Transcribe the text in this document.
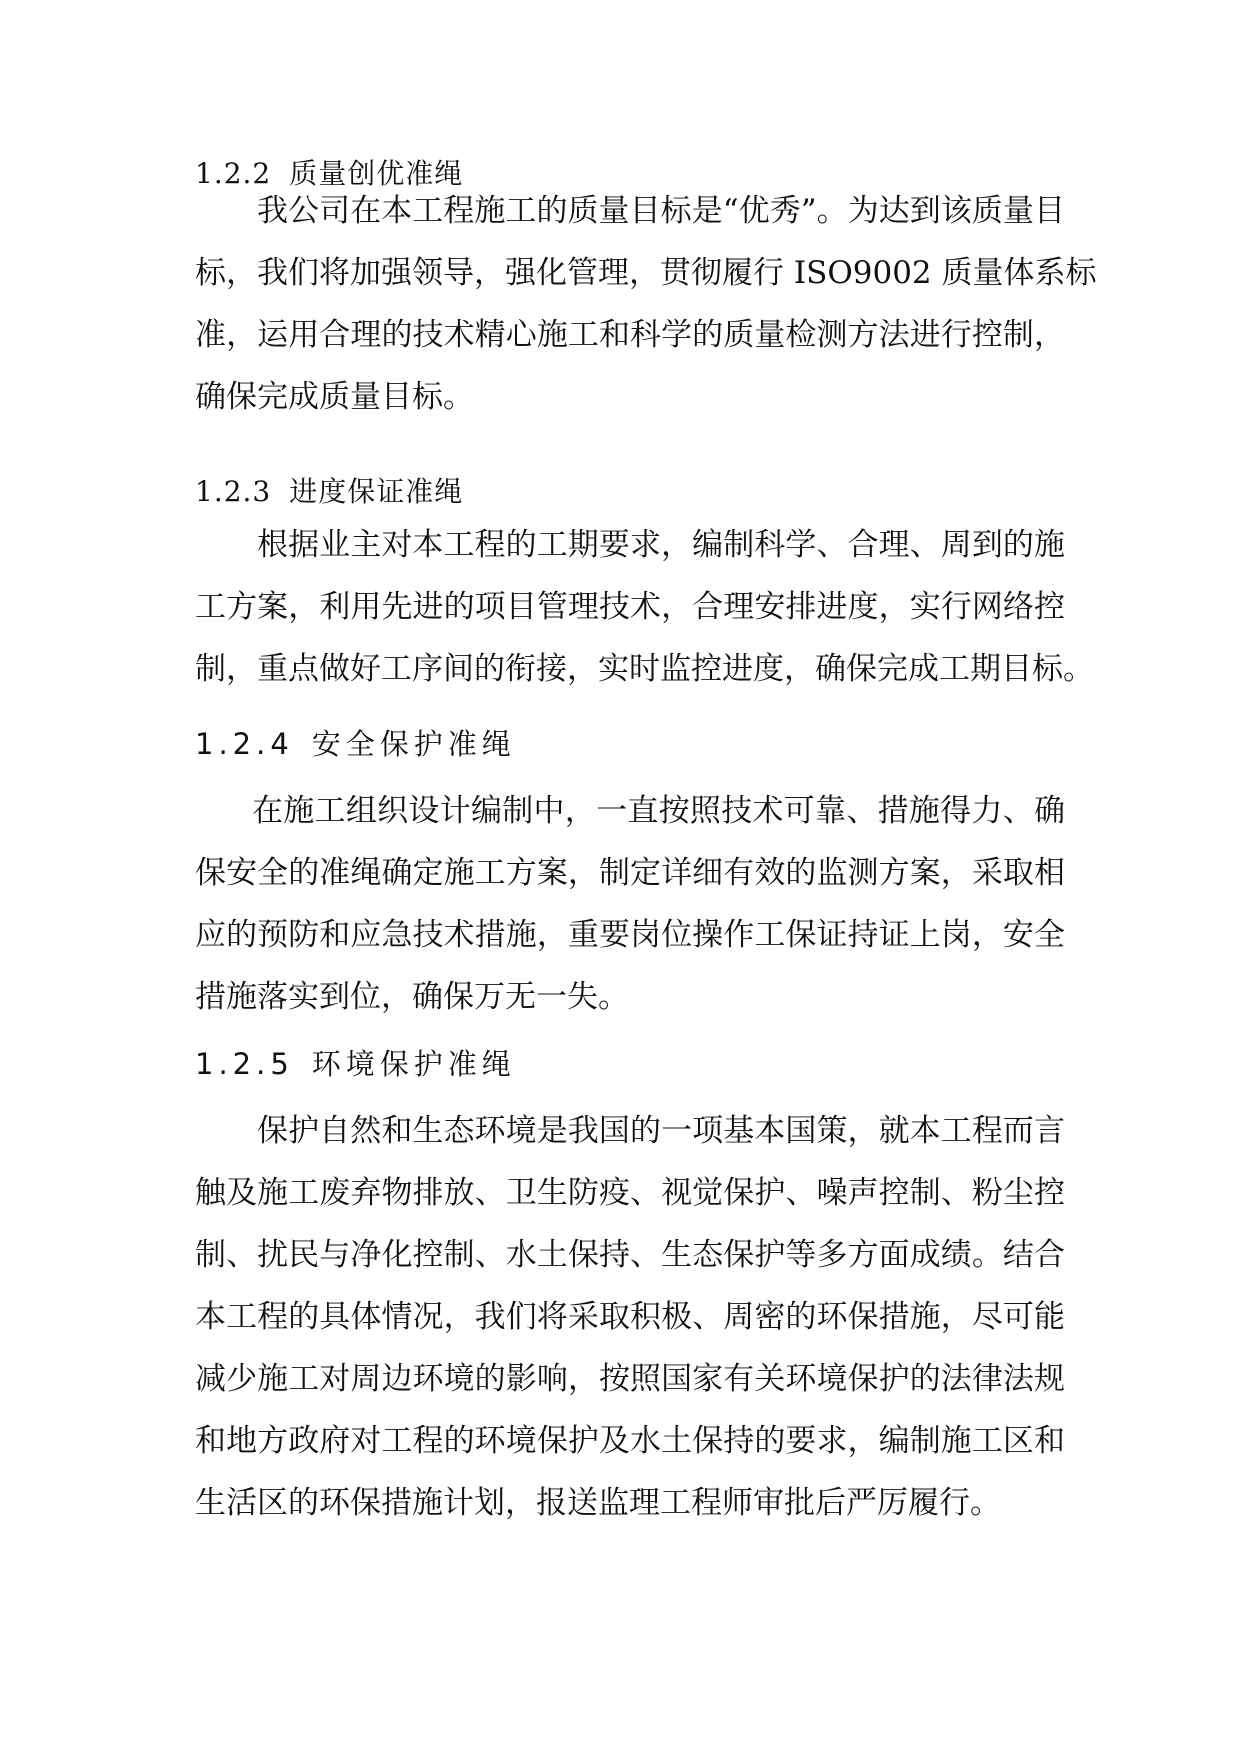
1.2.2 质量创优准绳
我公司在本工程施工的质量目标是“优秀”。为达到该质量目
标，我们将加强领导，强化管理，贯彻履行 ISO9002 质量体系标
准，运用合理的技术精心施工和科学的质量检测方法进行控制，
确保完成质量目标。
1.2.3 进度保证准绳
根据业主对本工程的工期要求，编制科学、合理、周到的施
工方案，利用先进的项目管理技术，合理安排进度，实行网络控
制，重点做好工序间的衔接，实时监控进度，确保完成工期目标。
1.2.4 安全保护准绳
在施工组织设计编制中，一直按照技术可靠、措施得力、确
保安全的准绳确定施工方案，制定详细有效的监测方案，采取相
应的预防和应急技术措施，重要岗位操作工保证持证上岗，安全
措施落实到位，确保万无一失。
1.2.5 环境保护准绳
保护自然和生态环境是我国的一项基本国策，就本工程而言
触及施工废弃物排放、卫生防疫、视觉保护、噪声控制、粉尘控
制、扰民与净化控制、水土保持、生态保护等多方面成绩。结合
本工程的具体情况，我们将采取积极、周密的环保措施，尽可能
减少施工对周边环境的影响，按照国家有关环境保护的法律法规
和地方政府对工程的环境保护及水土保持的要求，编制施工区和
生活区的环保措施计划，报送监理工程师审批后严厉履行。
